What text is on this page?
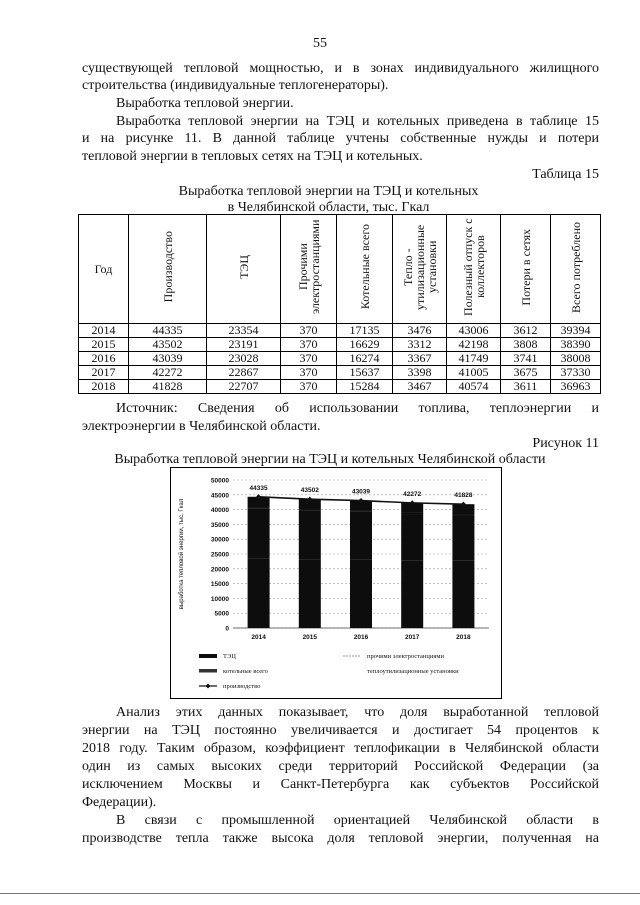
55

существующей тепловой мощностью, и в зонах индивидуального жилищного

строительства (индивидуальные теплогенераторы).

Выработка тепловой энергии.

Выработка тепловой энергии на ТЭЦ и котельных приведена в таблице 15

и на рисунке 11. В данной таблице учтены собственные нужды и потери

тепловой энергии в тепловых сетях на ТЭЦ и котельных.

Таблица 15

Выработка тепловой энергии на ТЭЦ и котельных

в Челябинской области, тыс. Гкал

Год	Производство	ТЭЦ	Прочими электростанциями	Котельные всего	Тепло - утилизационные установки	Полезный отпуск с коллекторов	Потери в сетях	Всего потреблено
2014	44335	23354	370	17135	3476	43006	3612	39394
2015	43502	23191	370	16629	3312	42198	3808	38390
2016	43039	23028	370	16274	3367	41749	3741	38008
2017	42272	22867	370	15637	3398	41005	3675	37330
2018	41828	22707	370	15284	3467	40574	3611	36963

Источник: Сведения об использовании топлива, теплоэнергии и

электроэнергии в Челябинской области.

Рисунок 11

Выработка тепловой энергии на ТЭЦ и котельных Челябинской области

0
5000
10000
15000
20000
25000
30000
35000
40000
45000
50000
выработка тепловой энергии, тыс. Гкал
2014	2015	2016	2017	2018
44335	43502	43039	42272	41828
ТЭЦ	прочими электростанциями
котельные всего	теплоутилизационные установки
производство

Анализ этих данных показывает, что доля выработанной тепловой

энергии на ТЭЦ постоянно увеличивается и достигает 54 процентов к

2018 году. Таким образом, коэффициент теплофикации в Челябинской области

один из самых высоких среди территорий Российской Федерации (за

исключением Москвы и Санкт-Петербурга как субъектов Российской

Федерации).

В связи с промышленной ориентацией Челябинской области в

производстве тепла также высока доля тепловой энергии, полученная на
